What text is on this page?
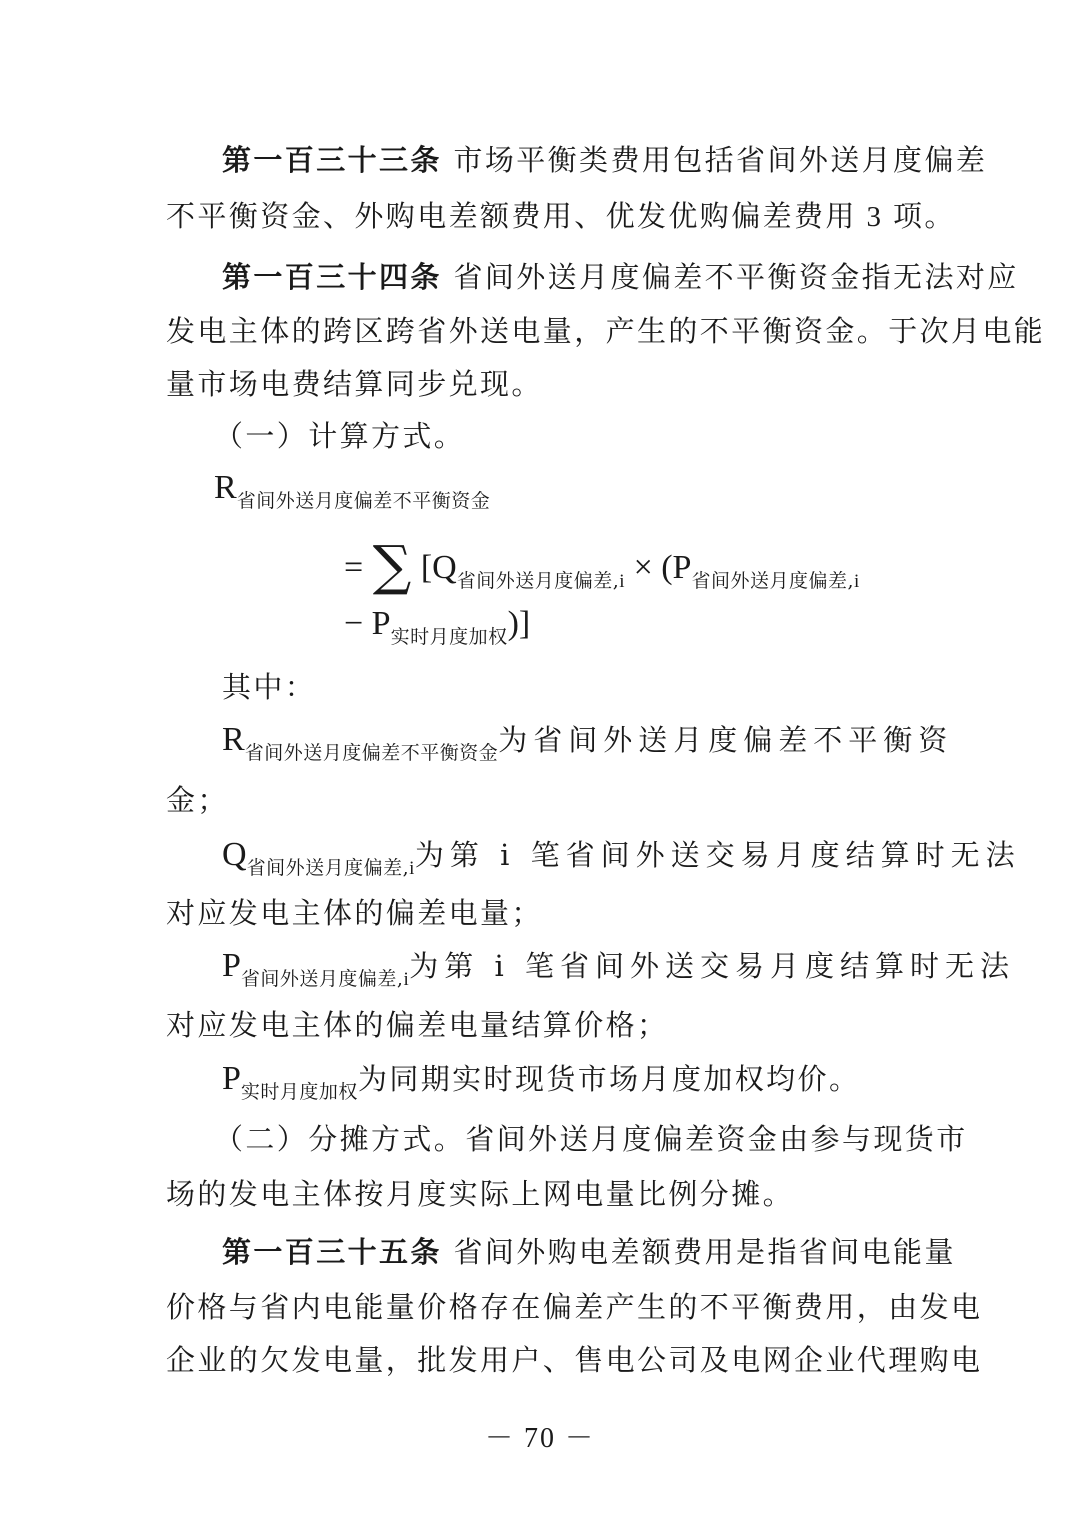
第一百三十三条 市场平衡类费用包括省间外送月度偏差
不平衡资金、外购电差额费用、优发优购偏差费用 3 项。
第一百三十四条 省间外送月度偏差不平衡资金指无法对应
发电主体的跨区跨省外送电量，产生的不平衡资金。于次月电能
量市场电费结算同步兑现。
（一）计算方式。
$R_{省间外送月度偏差不平衡资金}$
= ∑ [$Q_{省间外送月度偏差,i} \times (P_{省间外送月度偏差,i}$
− $P_{实时月度加权}$)]
其中：
$R_{省间外送月度偏差不平衡资金}$为省间外送月度偏差不平衡资
金；
$Q_{省间外送月度偏差,i}$为第 i 笔省间外送交易月度结算时无法
对应发电主体的偏差电量；
$P_{省间外送月度偏差,i}$为第 i 笔省间外送交易月度结算时无法
对应发电主体的偏差电量结算价格；
$P_{实时月度加权}$为同期实时现货市场月度加权均价。
（二）分摊方式。省间外送月度偏差资金由参与现货市
场的发电主体按月度实际上网电量比例分摊。
第一百三十五条 省间外购电差额费用是指省间电能量
价格与省内电能量价格存在偏差产生的不平衡费用，由发电
企业的欠发电量，批发用户、售电公司及电网企业代理购电
－ 70 －
